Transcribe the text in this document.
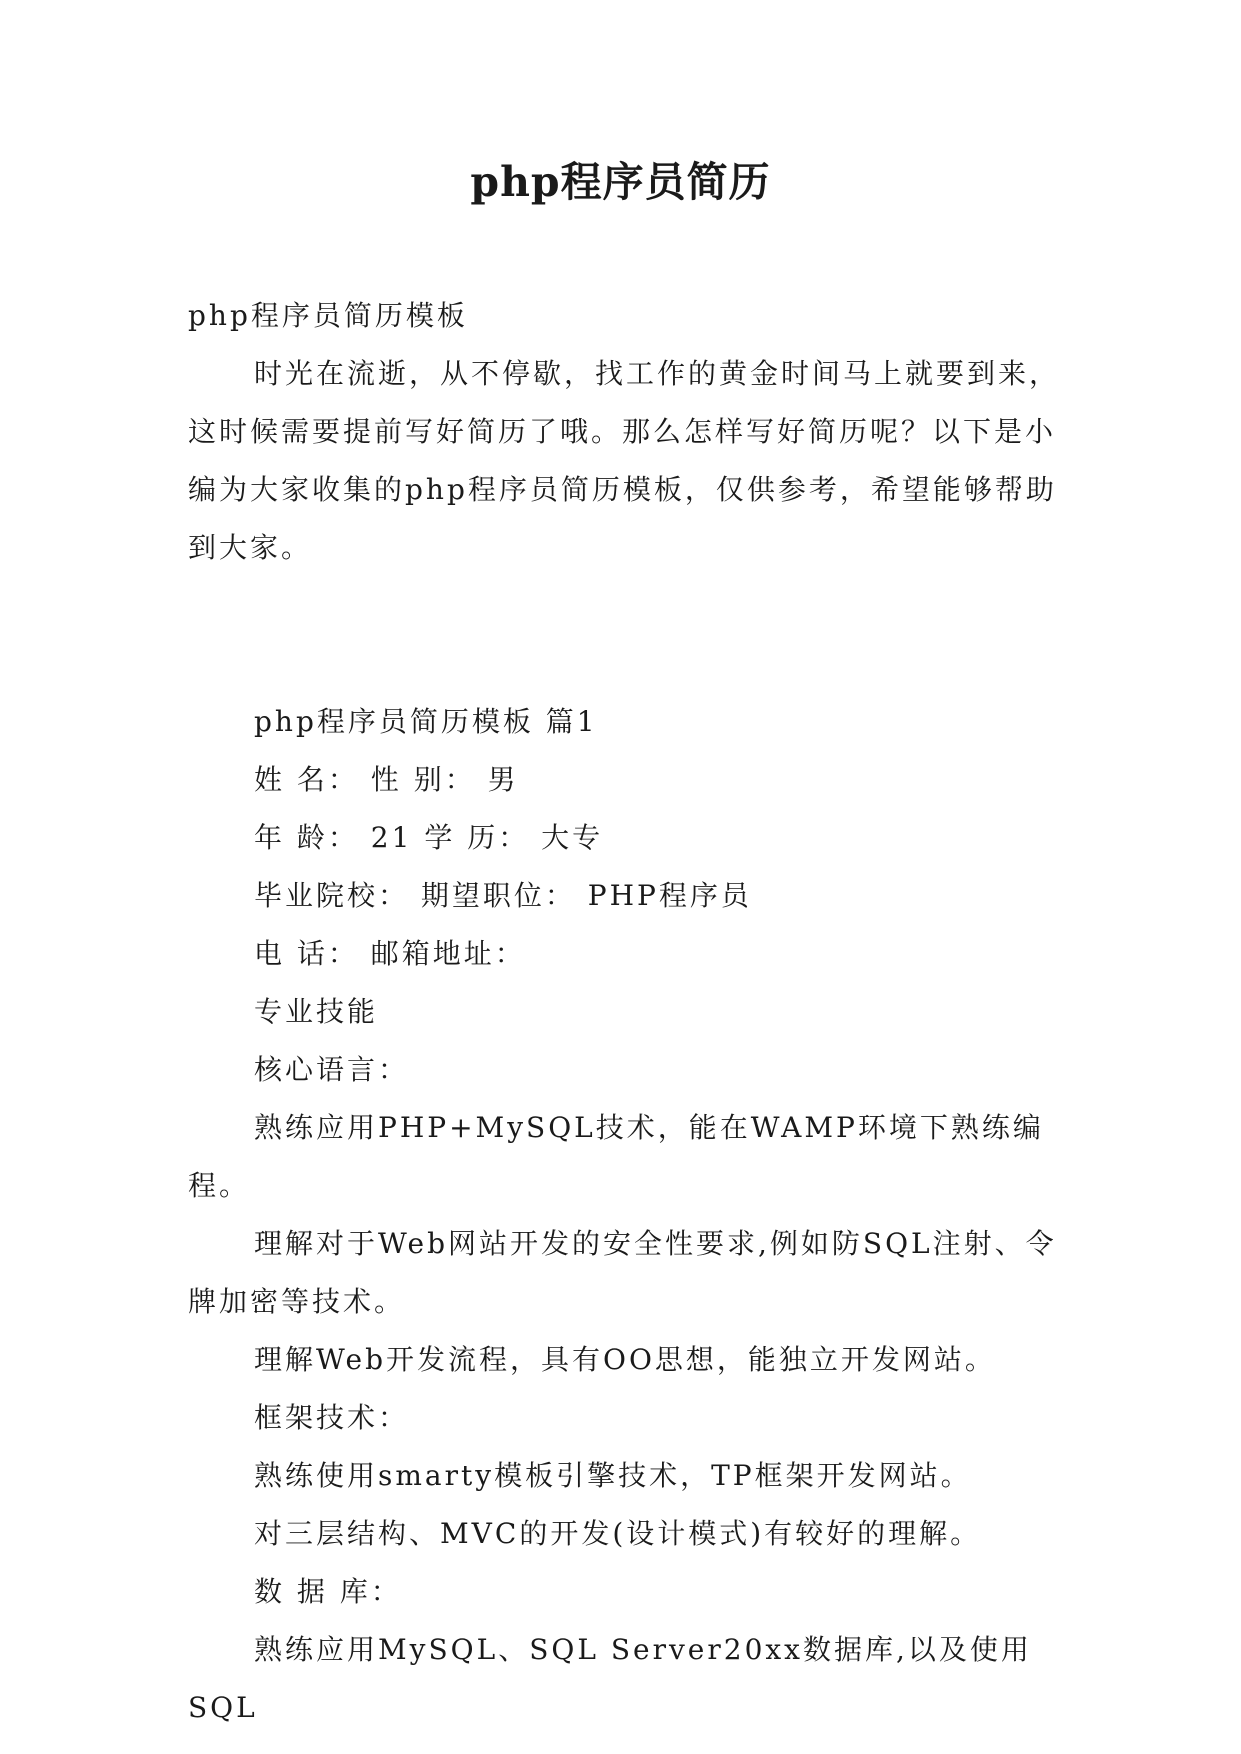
php程序员简历

php程序员简历模板

时光在流逝，从不停歇，找工作的黄金时间马上就要到来，这时候需要提前写好简历了哦。那么怎样写好简历呢？以下是小编为大家收集的php程序员简历模板，仅供参考，希望能够帮助到大家。

php程序员简历模板 篇1

姓 名： 性 别： 男

年 龄： 21 学 历： 大专

毕业院校： 期望职位： PHP程序员

电 话： 邮箱地址：

专业技能

核心语言：

熟练应用PHP+MySQL技术，能在WAMP环境下熟练编程。

理解对于Web网站开发的安全性要求,例如防SQL注射、令牌加密等技术。

理解Web开发流程，具有OO思想，能独立开发网站。

框架技术：

熟练使用smarty模板引擎技术，TP框架开发网站。

对三层结构、MVC的开发(设计模式)有较好的理解。

数 据 库：

熟练应用MySQL、SQL Server20xx数据库,以及使用SQL
